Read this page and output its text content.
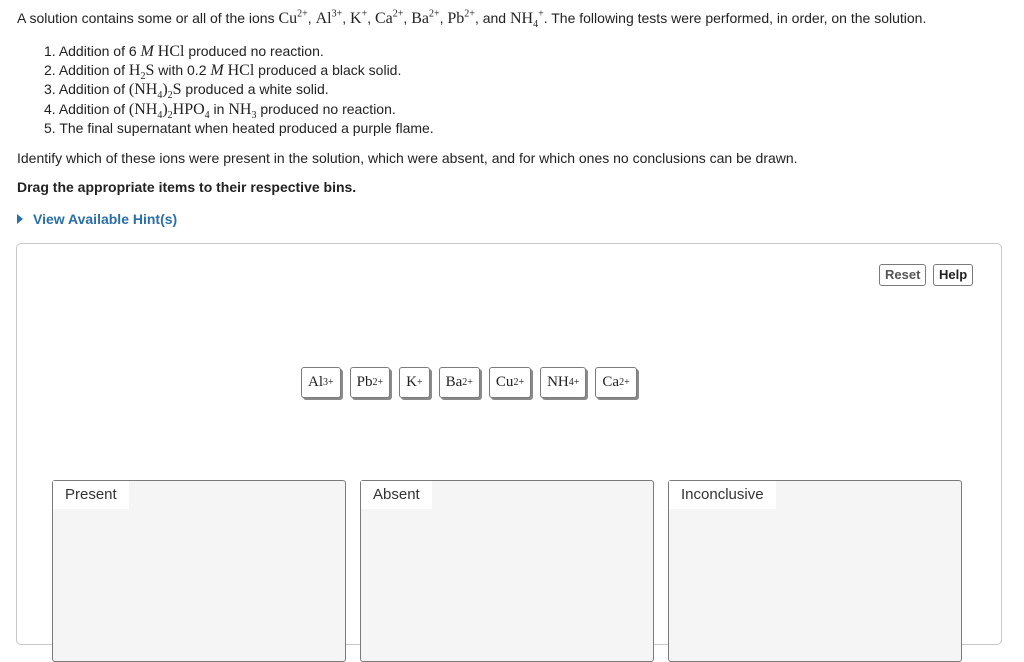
A solution contains some or all of the ions $Cu^{2+}$, $Al^{3+}$, K+, $Ca^{2+}$, $Ba^{2+}$, $Pb^{2+}$, and $NH_4^+$. The following tests were performed, in order, on the solution.
1. Addition of 6 M HCl produced no reaction.
2. Addition of $H_2S$ with 0.2 M HCl produced a black solid.
3. Addition of $(NH_4)_2S$ produced a white solid.
4. Addition of $(NH_4)_2HPO_4$ in $NH_3$ produced no reaction.
5. The final supernatant when heated produced a purple flame.
Identify which of these ions were present in the solution, which were absent, and for which ones no conclusions can be drawn.
Drag the appropriate items to their respective bins.
View Available Hint(s)
Reset	Help
Al 3+ Pb 2+ K + Ba 2+ Cu 2+ NH 4 + Ca 2+
Present	Absent	Inconclusive
